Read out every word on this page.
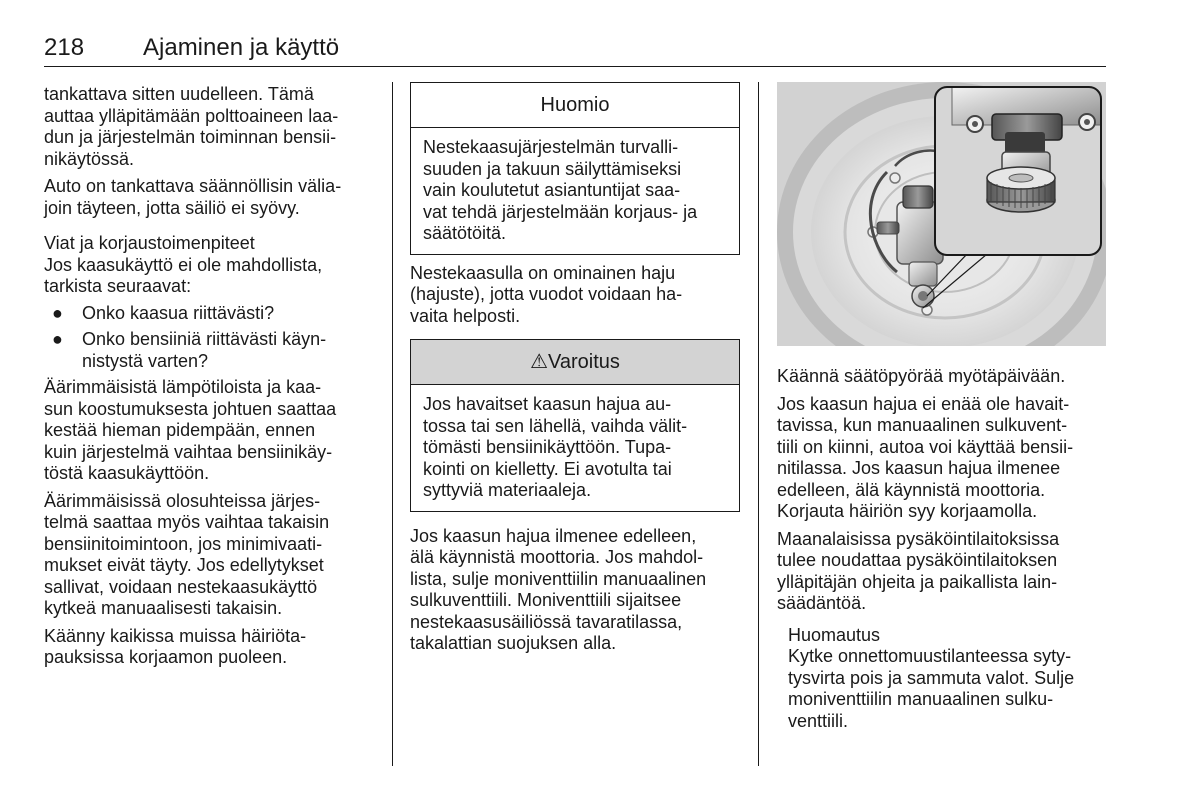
218 Ajaminen ja käyttö

tankattava sitten uudelleen. Tämä
auttaa ylläpitämään polttoaineen laa-
dun ja järjestelmän toiminnan bensii-
nikäytössä.

Auto on tankattava säännöllisin välia-
join täyteen, jotta säiliö ei syövy.

Viat ja korjaustoimenpiteet

Jos kaasukäyttö ei ole mahdollista,
tarkista seuraavat:

● Onko kaasua riittävästi?
● Onko bensiiniä riittävästi käyn-
nistystä varten?

Äärimmäisistä lämpötiloista ja kaa-
sun koostumuksesta johtuen saattaa
kestää hieman pidempään, ennen
kuin järjestelmä vaihtaa bensiinikäy-
töstä kaasukäyttöön.

Äärimmäisissä olosuhteissa järjes-
telmä saattaa myös vaihtaa takaisin
bensiinitoimintoon, jos minimivaati-
mukset eivät täyty. Jos edellytykset
sallivat, voidaan nestekaasukäyttö
kytkeä manuaalisesti takaisin.

Käänny kaikissa muissa häiriöta-
pauksissa korjaamon puoleen.

Huomio
Nestekaasujärjestelmän turvalli-
suuden ja takuun säilyttämiseksi
vain koulutetut asiantuntijat saa-
vat tehdä järjestelmään korjaus- ja
säätötöitä.

Nestekaasulla on ominainen haju
(hajuste), jotta vuodot voidaan ha-
vaita helposti.

⚠Varoitus
Jos havaitset kaasun hajua au-
tossa tai sen lähellä, vaihda välit-
tömästi bensiinikäyttöön. Tupa-
kointi on kielletty. Ei avotulta tai
syttyviä materiaaleja.

Jos kaasun hajua ilmenee edelleen,
älä käynnistä moottoria. Jos mahdol-
lista, sulje moniventtiilin manuaalinen
sulkuventtiili. Moniventtiili sijaitsee
nestekaasusäiliössä tavaratilassa,
takalattian suojuksen alla.

Käännä säätöpyörää myötäpäivään.

Jos kaasun hajua ei enää ole havait-
tavissa, kun manuaalinen sulkuvent-
tiili on kiinni, autoa voi käyttää bensii-
nitilassa. Jos kaasun hajua ilmenee
edelleen, älä käynnistä moottoria.
Korjauta häiriön syy korjaamolla.

Maanalaisissa pysäköintilaitoksissa
tulee noudattaa pysäköintilaitoksen
ylläpitäjän ohjeita ja paikallista lain-
säädäntöä.

Huomautus
Kytke onnettomuustilanteessa syty-
tysvirta pois ja sammuta valot. Sulje
moniventtiilin manuaalinen sulku-
venttiili.
